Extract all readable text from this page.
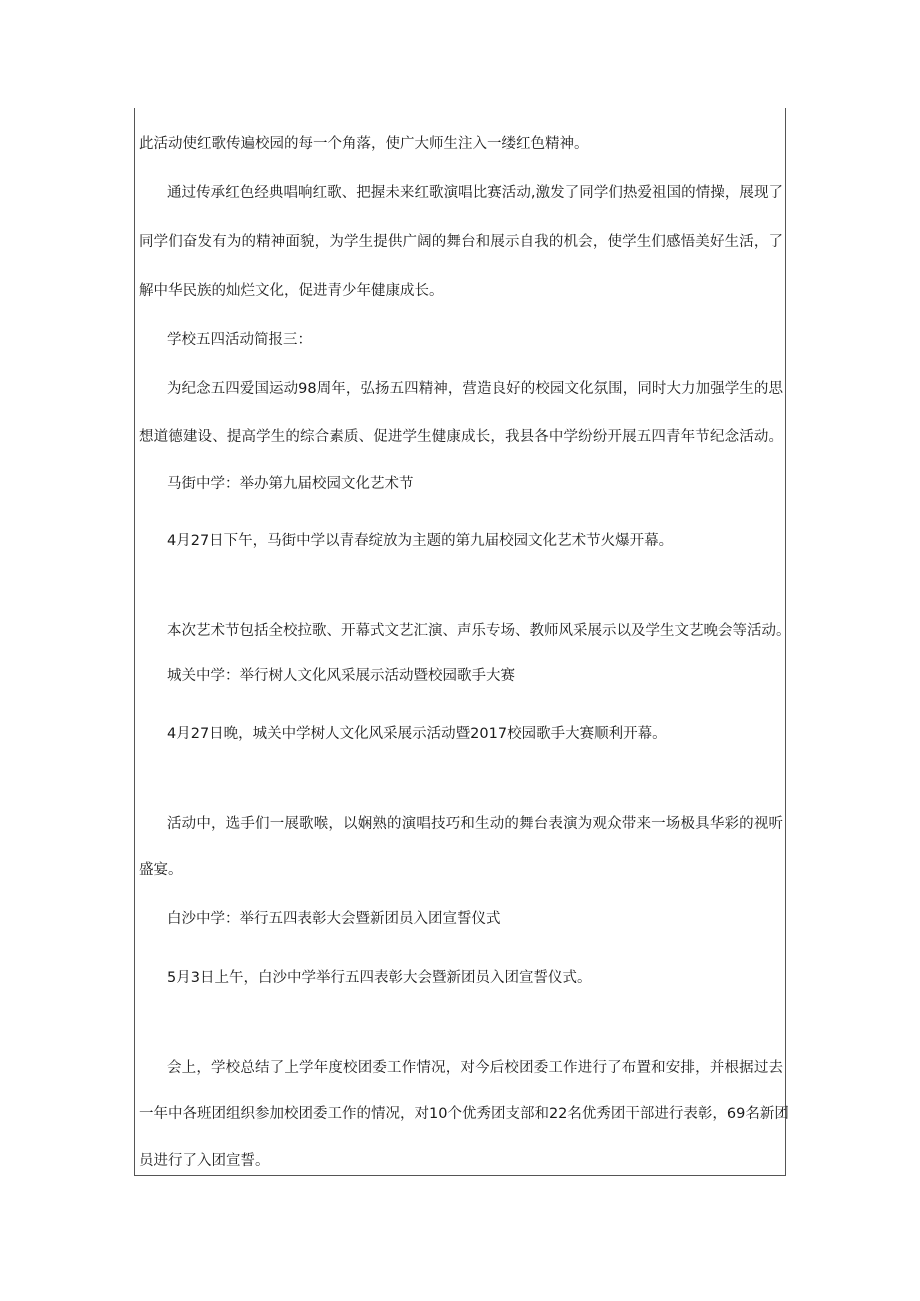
此活动使红歌传遍校园的每一个角落，使广大师生注入一缕红色精神。
通过传承红色经典唱响红歌、把握未来红歌演唱比赛活动,激发了同学们热爱祖国的情操，展现了
同学们奋发有为的精神面貌，为学生提供广阔的舞台和展示自我的机会，使学生们感悟美好生活，了
解中华民族的灿烂文化，促进青少年健康成长。
学校五四活动简报三：
为纪念五四爱国运动98周年，弘扬五四精神，营造良好的校园文化氛围，同时大力加强学生的思
想道德建设、提高学生的综合素质、促进学生健康成长，我县各中学纷纷开展五四青年节纪念活动。
马街中学：举办第九届校园文化艺术节
4月27日下午，马街中学以青春绽放为主题的第九届校园文化艺术节火爆开幕。
本次艺术节包括全校拉歌、开幕式文艺汇演、声乐专场、教师风采展示以及学生文艺晚会等活动。
城关中学：举行树人文化风采展示活动暨校园歌手大赛
4月27日晚，城关中学树人文化风采展示活动暨2017校园歌手大赛顺利开幕。
活动中，选手们一展歌喉，以娴熟的演唱技巧和生动的舞台表演为观众带来一场极具华彩的视听
盛宴。
白沙中学：举行五四表彰大会暨新团员入团宣誓仪式
5月3日上午，白沙中学举行五四表彰大会暨新团员入团宣誓仪式。
会上，学校总结了上学年度校团委工作情况，对今后校团委工作进行了布置和安排，并根据过去
一年中各班团组织参加校团委工作的情况，对10个优秀团支部和22名优秀团干部进行表彰，69名新团
员进行了入团宣誓。
